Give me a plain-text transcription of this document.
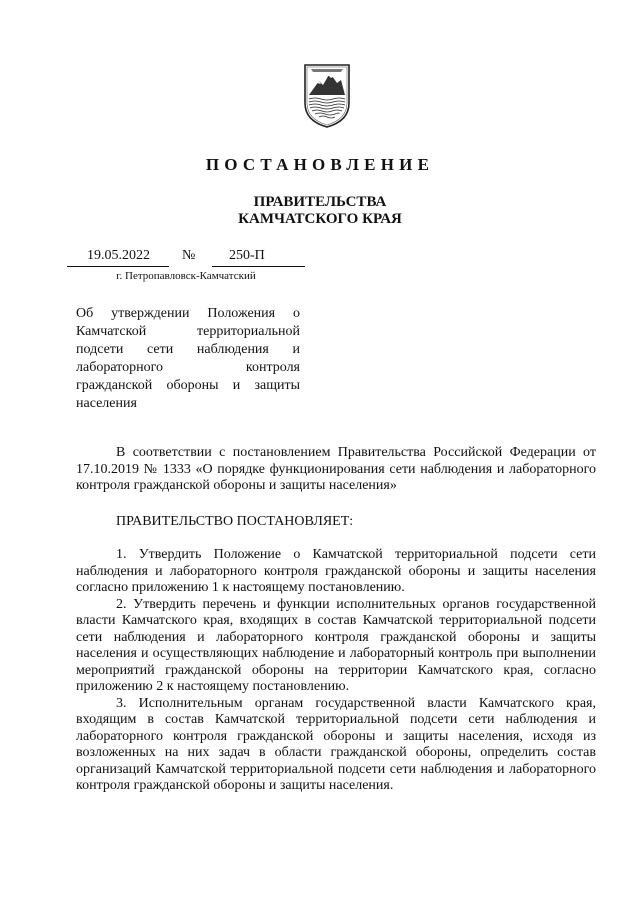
ПОСТАНОВЛЕНИЕ
ПРАВИТЕЛЬСТВА
КАМЧАТСКОГО КРАЯ
19.05.2022 № 250-П
г. Петропавловск-Камчатский
Об утверждении Положения о Камчатской территориальной подсети сети наблюдения и лабораторного контроля гражданской обороны и защиты населения

В соответствии с постановлением Правительства Российской Федерации от 17.10.2019 № 1333 «О порядке функционирования сети наблюдения и лабораторного контроля гражданской обороны и защиты населения»

ПРАВИТЕЛЬСТВО ПОСТАНОВЛЯЕТ:

1. Утвердить Положение о Камчатской территориальной подсети сети наблюдения и лабораторного контроля гражданской обороны и защиты населения согласно приложению 1 к настоящему постановлению.

2. Утвердить перечень и функции исполнительных органов государственной власти Камчатского края, входящих в состав Камчатской территориальной подсети сети наблюдения и лабораторного контроля гражданской обороны и защиты населения и осуществляющих наблюдение и лабораторный контроль при выполнении мероприятий гражданской обороны на территории Камчатского края, согласно приложению 2 к настоящему постановлению.

3. Исполнительным органам государственной власти Камчатского края, входящим в состав Камчатской территориальной подсети сети наблюдения и лабораторного контроля гражданской обороны и защиты населения, исходя из возложенных на них задач в области гражданской обороны, определить состав организаций Камчатской территориальной подсети сети наблюдения и лабораторного контроля гражданской обороны и защиты населения.
